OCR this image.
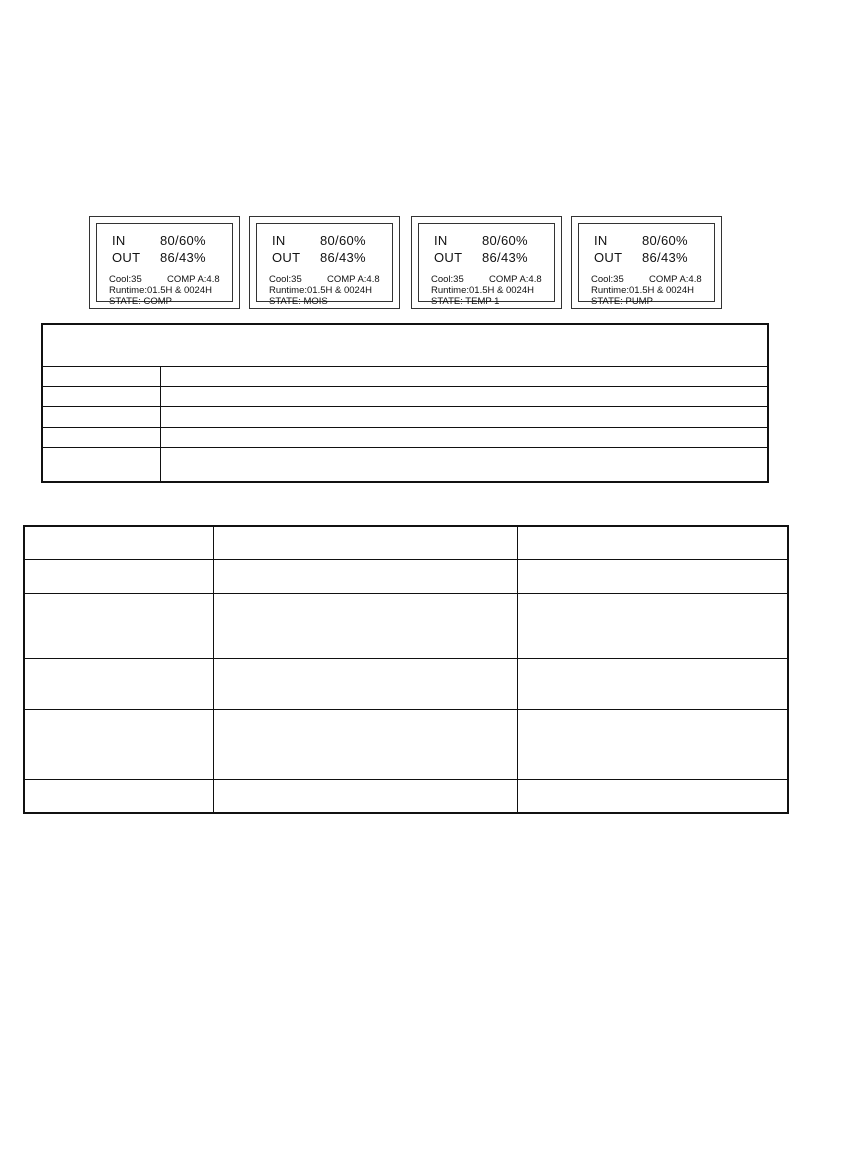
IN	80/60%
OUT 86/43%
Cool:35	COMP A:4.8
Runtime:01.5H & 0024H
STATE: COMP
IN	80/60%
OUT 86/43%
Cool:35	COMP A:4.8
Runtime:01.5H & 0024H
STATE: MOIS
IN	80/60%
OUT 86/43%
Cool:35	COMP A:4.8
Runtime:01.5H & 0024H
STATE: TEMP 1
IN	80/60%
OUT 86/43%
Cool:35	COMP A:4.8
Runtime:01.5H & 0024H
STATE: PUMP
